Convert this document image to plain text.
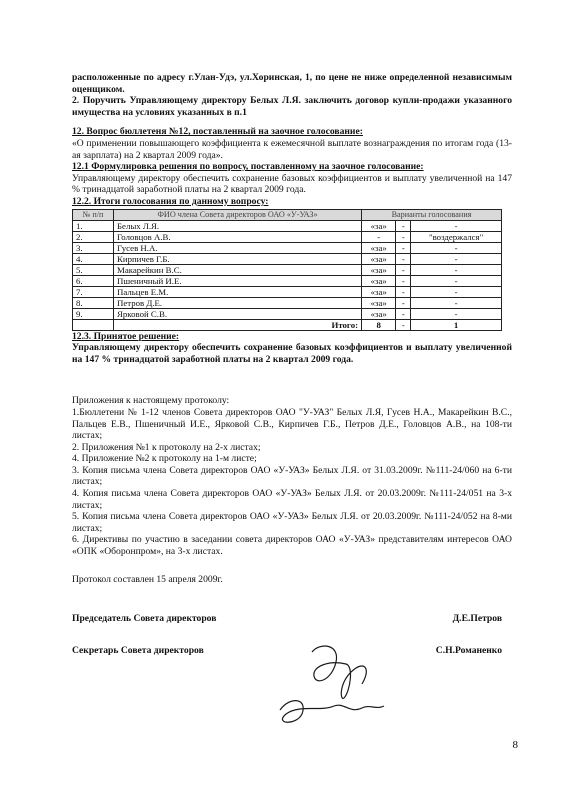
расположенные по адресу г.Улан-Удэ, ул.Хоринская, 1, по цене не ниже определенной независимым оценщиком.

2. Поручить Управляющему директору Белых Л.Я. заключить договор купли-продажи указанного имущества на условиях указанных в п.1

12. Вопрос бюллетеня №12, поставленный на заочное голосование:

«О применении повышающего коэффициента к ежемесячной выплате вознаграждения по итогам года (13-ая зарплата) на 2 квартал 2009 года».

12.1 Формулировка решения по вопросу, поставленному на заочное голосование:

Управляющему директору обеспечить сохранение базовых коэффициентов и выплату увеличенной на 147 % тринадцатой заработной платы на 2 квартал 2009 года.

12.2. Итоги голосования по данному вопросу:

№ п/п	ФИО члена Совета директоров ОАО «У-УАЗ»	Варианты голосования		
1.	Белых Л.Я.	«за»	-	-
2.	Головцов А.В.	-	-	"воздержался"
3.	Гусев Н.А.	«за»	-	-
4.	Кирпичев Г.Б.	«за»	-	-
5.	Макарейкин В.С.	«за»	-	-
6.	Пшеничный И.Е.	«за»	-	-
7.	Пальцев Е.М.	«за»	-	-
8.	Петров Д.Е.	«за»	-	-
9.	Ярковой С.В.	«за»	-	-
	Итого:	8	-	1

12.3. Принятое решение:

Управляющему директору обеспечить сохранение базовых коэффициентов и выплату увеличенной на 147 % тринадцатой заработной платы на 2 квартал 2009 года.

Приложения к настоящему протоколу:

1.Бюллетени № 1-12 членов Совета директоров ОАО "У-УАЗ" Белых Л.Я, Гусев Н.А., Макарейкин В.С., Пальцев Е.В., Пшеничный И.Е., Ярковой С.В., Кирпичев Г.Б., Петров Д.Е., Головцов А.В., на 108-ти листах;

2. Приложения №1 к протоколу на 2-х листах;

4. Приложение №2 к протоколу на 1-м листе;

3. Копия письма члена Совета директоров ОАО «У-УАЗ» Белых Л.Я. от 31.03.2009г. №111-24/060 на 6-ти листах;

4. Копия письма члена Совета директоров ОАО «У-УАЗ» Белых Л.Я. от 20.03.2009г. №111-24/051 на 3-х листах;

5. Копия письма члена Совета директоров ОАО «У-УАЗ» Белых Л.Я. от 20.03.2009г. №111-24/052 на 8-ми листах;

6. Директивы по участию в заседании совета директоров ОАО «У-УАЗ» представителям интересов ОАО «ОПК «Оборонпром», на 3-х листах.

Протокол составлен 15 апреля 2009г.

Председатель Совета директоров	Д.Е.Петров
Секретарь Совета директоров	С.Н.Романенко
8
